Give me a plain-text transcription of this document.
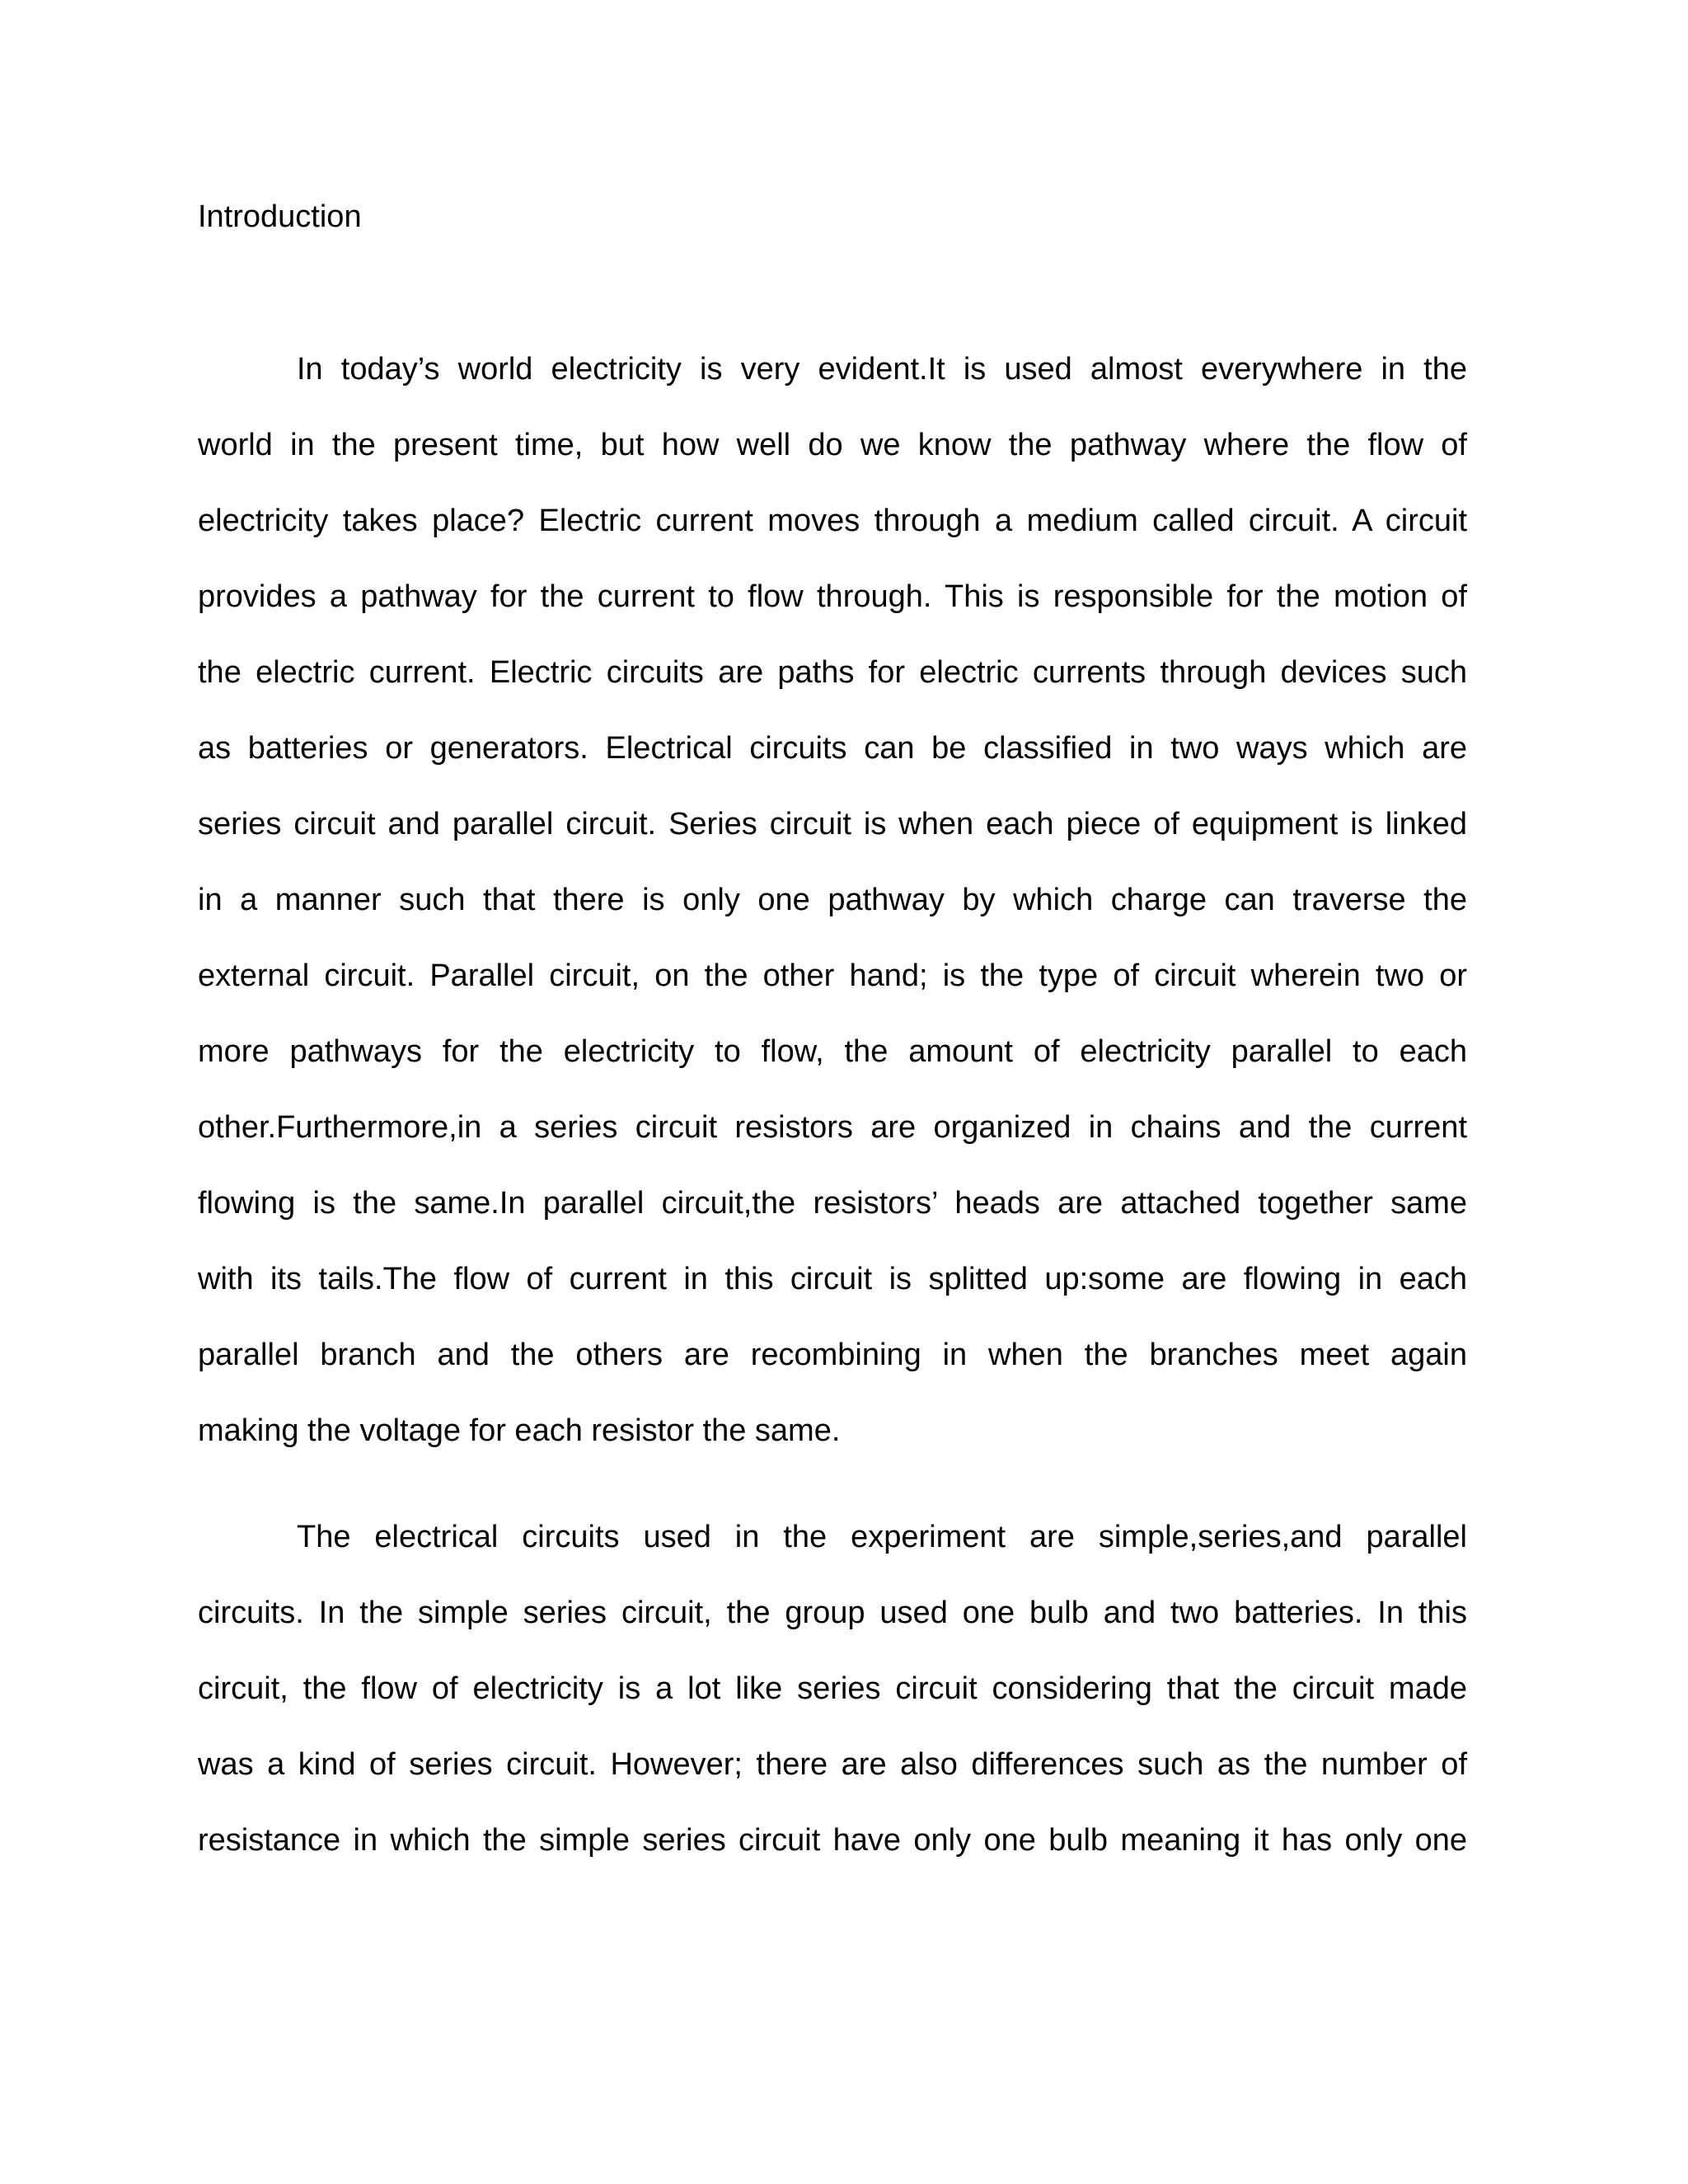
Introduction
In today’s world electricity is very evident.It is used almost everywhere in the
world in the present time, but how well do we know the pathway where the flow of
electricity takes place? Electric current moves through a medium called circuit. A circuit
provides a pathway for the current to flow through. This is responsible for the motion of
the electric current. Electric circuits are paths for electric currents through devices such
as batteries or generators. Electrical circuits can be classified in two ways which are
series circuit and parallel circuit. Series circuit is when each piece of equipment is linked
in a manner such that there is only one pathway by which charge can traverse the
external circuit. Parallel circuit, on the other hand; is the type of circuit wherein two or
more pathways for the electricity to flow, the amount of electricity parallel to each
other.Furthermore,in a series circuit resistors are organized in chains and the current
flowing is the same.In parallel circuit,the resistors’ heads are attached together same
with its tails.The flow of current in this circuit is splitted up:some are flowing in each
parallel branch and the others are recombining in when the branches meet again
making the voltage for each resistor the same.
The electrical circuits used in the experiment are simple,series,and parallel
circuits. In the simple series circuit, the group used one bulb and two batteries. In this
circuit, the flow of electricity is a lot like series circuit considering that the circuit made
was a kind of series circuit. However; there are also differences such as the number of
resistance in which the simple series circuit have only one bulb meaning it has only one
